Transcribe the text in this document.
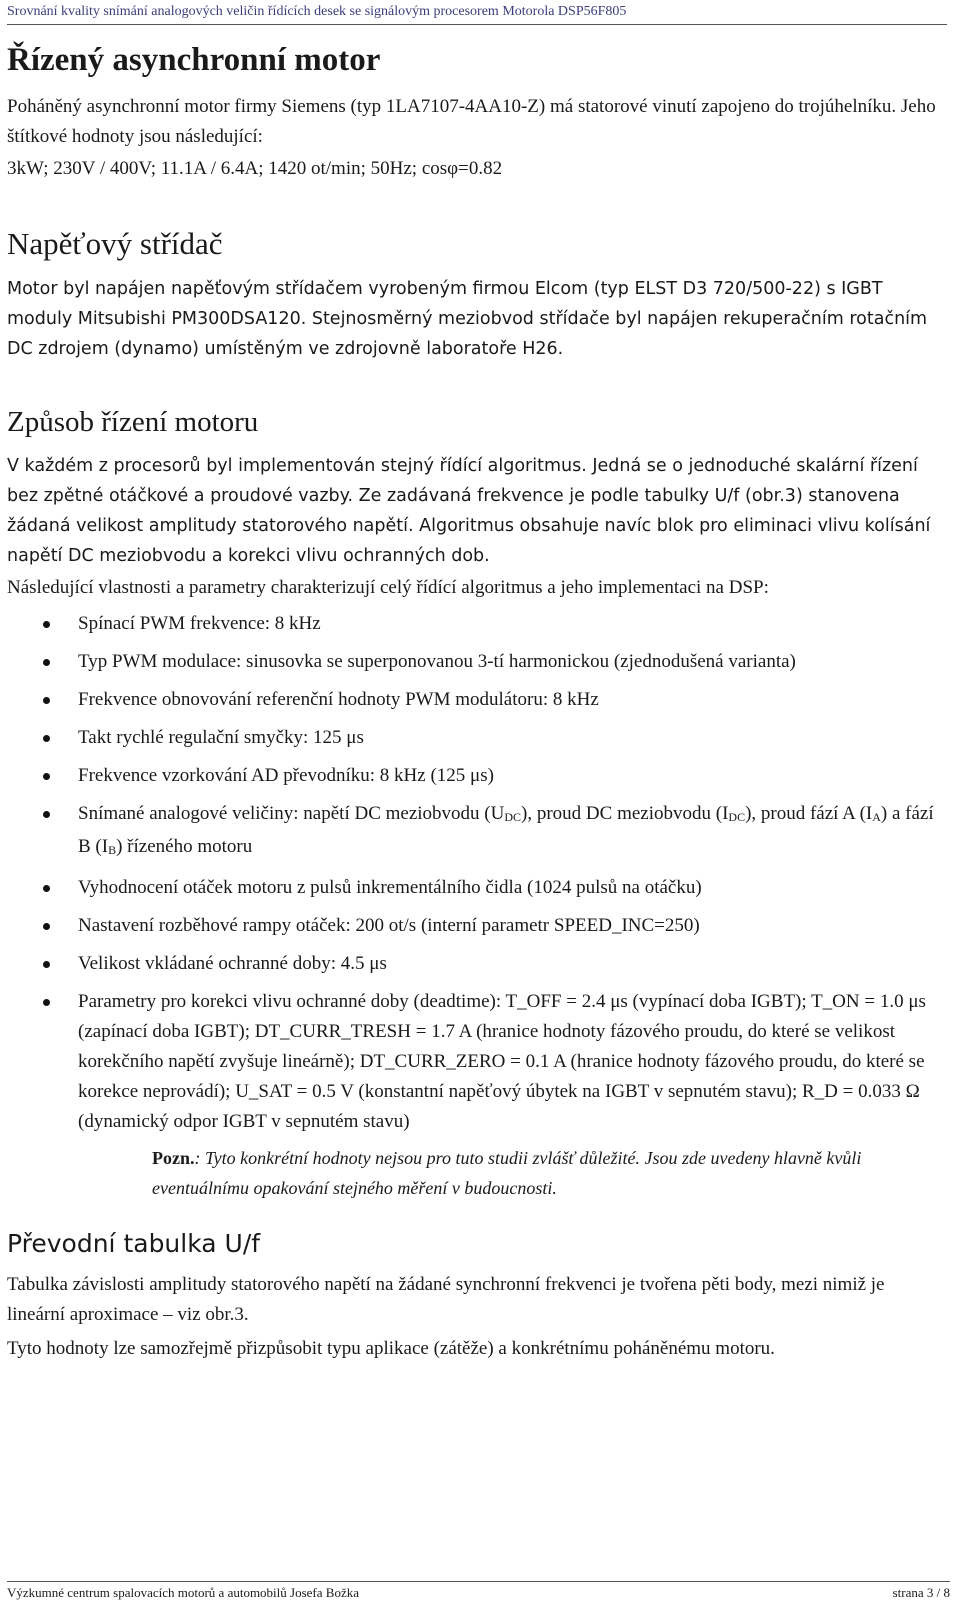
Srovnání kvality snímání analogových veličin řídících desek se signálovým procesorem Motorola DSP56F805
Řízený asynchronní motor

Poháněný asynchronní motor firmy Siemens (typ 1LA7107-4AA10-Z) má statorové vinutí zapojeno do trojúhelníku. Jeho štítkové hodnoty jsou následující:

3kW; 230V / 400V; 11.1A / 6.4A; 1420 ot/min; 50Hz; cosφ=0.82

Napěťový střídač

Motor byl napájen napěťovým střídačem vyrobeným firmou Elcom (typ ELST D3 720/500-22) s IGBT moduly Mitsubishi PM300DSA120. Stejnosměrný meziobvod střídače byl napájen rekuperačním rotačním DC zdrojem (dynamo) umístěným ve zdrojovně laboratoře H26.

Způsob řízení motoru

V každém z procesorů byl implementován stejný řídící algoritmus. Jedná se o jednoduché skalární řízení bez zpětné otáčkové a proudové vazby. Ze zadávaná frekvence je podle tabulky U/f (obr.3) stanovena žádaná velikost amplitudy statorového napětí. Algoritmus obsahuje navíc blok pro eliminaci vlivu kolísání napětí DC meziobvodu a korekci vlivu ochranných dob.

Následující vlastnosti a parametry charakterizují celý řídící algoritmus a jeho implementaci na DSP:

Spínací PWM frekvence: 8 kHz
Typ PWM modulace: sinusovka se superponovanou 3-tí harmonickou (zjednodušená varianta)
Frekvence obnovování referenční hodnoty PWM modulátoru: 8 kHz
Takt rychlé regulační smyčky: 125 μs
Frekvence vzorkování AD převodníku: 8 kHz (125 μs)
Snímané analogové veličiny: napětí DC meziobvodu $(U_{DC})$, proud DC meziobvodu $(I_{DC})$, proud fází A $(I_A)$ a fází B $(I_B)$ řízeného motoru
Vyhodnocení otáček motoru z pulsů inkrementálního čidla (1024 pulsů na otáčku)
Nastavení rozběhové rampy otáček: 200 ot/s (interní parametr SPEED_INC=250)
Velikost vkládané ochranné doby: 4.5 μs
Parametry pro korekci vlivu ochranné doby (deadtime): T_OFF = 2.4 μs (vypínací doba IGBT); T_ON = 1.0 μs (zapínací doba IGBT); DT_CURR_TRESH = 1.7 A (hranice hodnoty fázového proudu, do které se velikost korekčního napětí zvyšuje lineárně); DT_CURR_ZERO = 0.1 A (hranice hodnoty fázového proudu, do které se korekce neprovádí); U_SAT = 0.5 V (konstantní napěťový úbytek na IGBT v sepnutém stavu); R_D = 0.033 Ω (dynamický odpor IGBT v sepnutém stavu)

Pozn.: Tyto konkrétní hodnoty nejsou pro tuto studii zvlášť důležité. Jsou zde uvedeny hlavně kvůli eventuálnímu opakování stejného měření v budoucnosti.

Převodní tabulka U/f

Tabulka závislosti amplitudy statorového napětí na žádané synchronní frekvenci je tvořena pěti body, mezi nimiž je lineární aproximace – viz obr.3.

Tyto hodnoty lze samozřejmě přizpůsobit typu aplikace (zátěže) a konkrétnímu poháněnému motoru.

Výzkumné centrum spalovacích motorů a automobilů Josefa Božka	strana 3 / 8
